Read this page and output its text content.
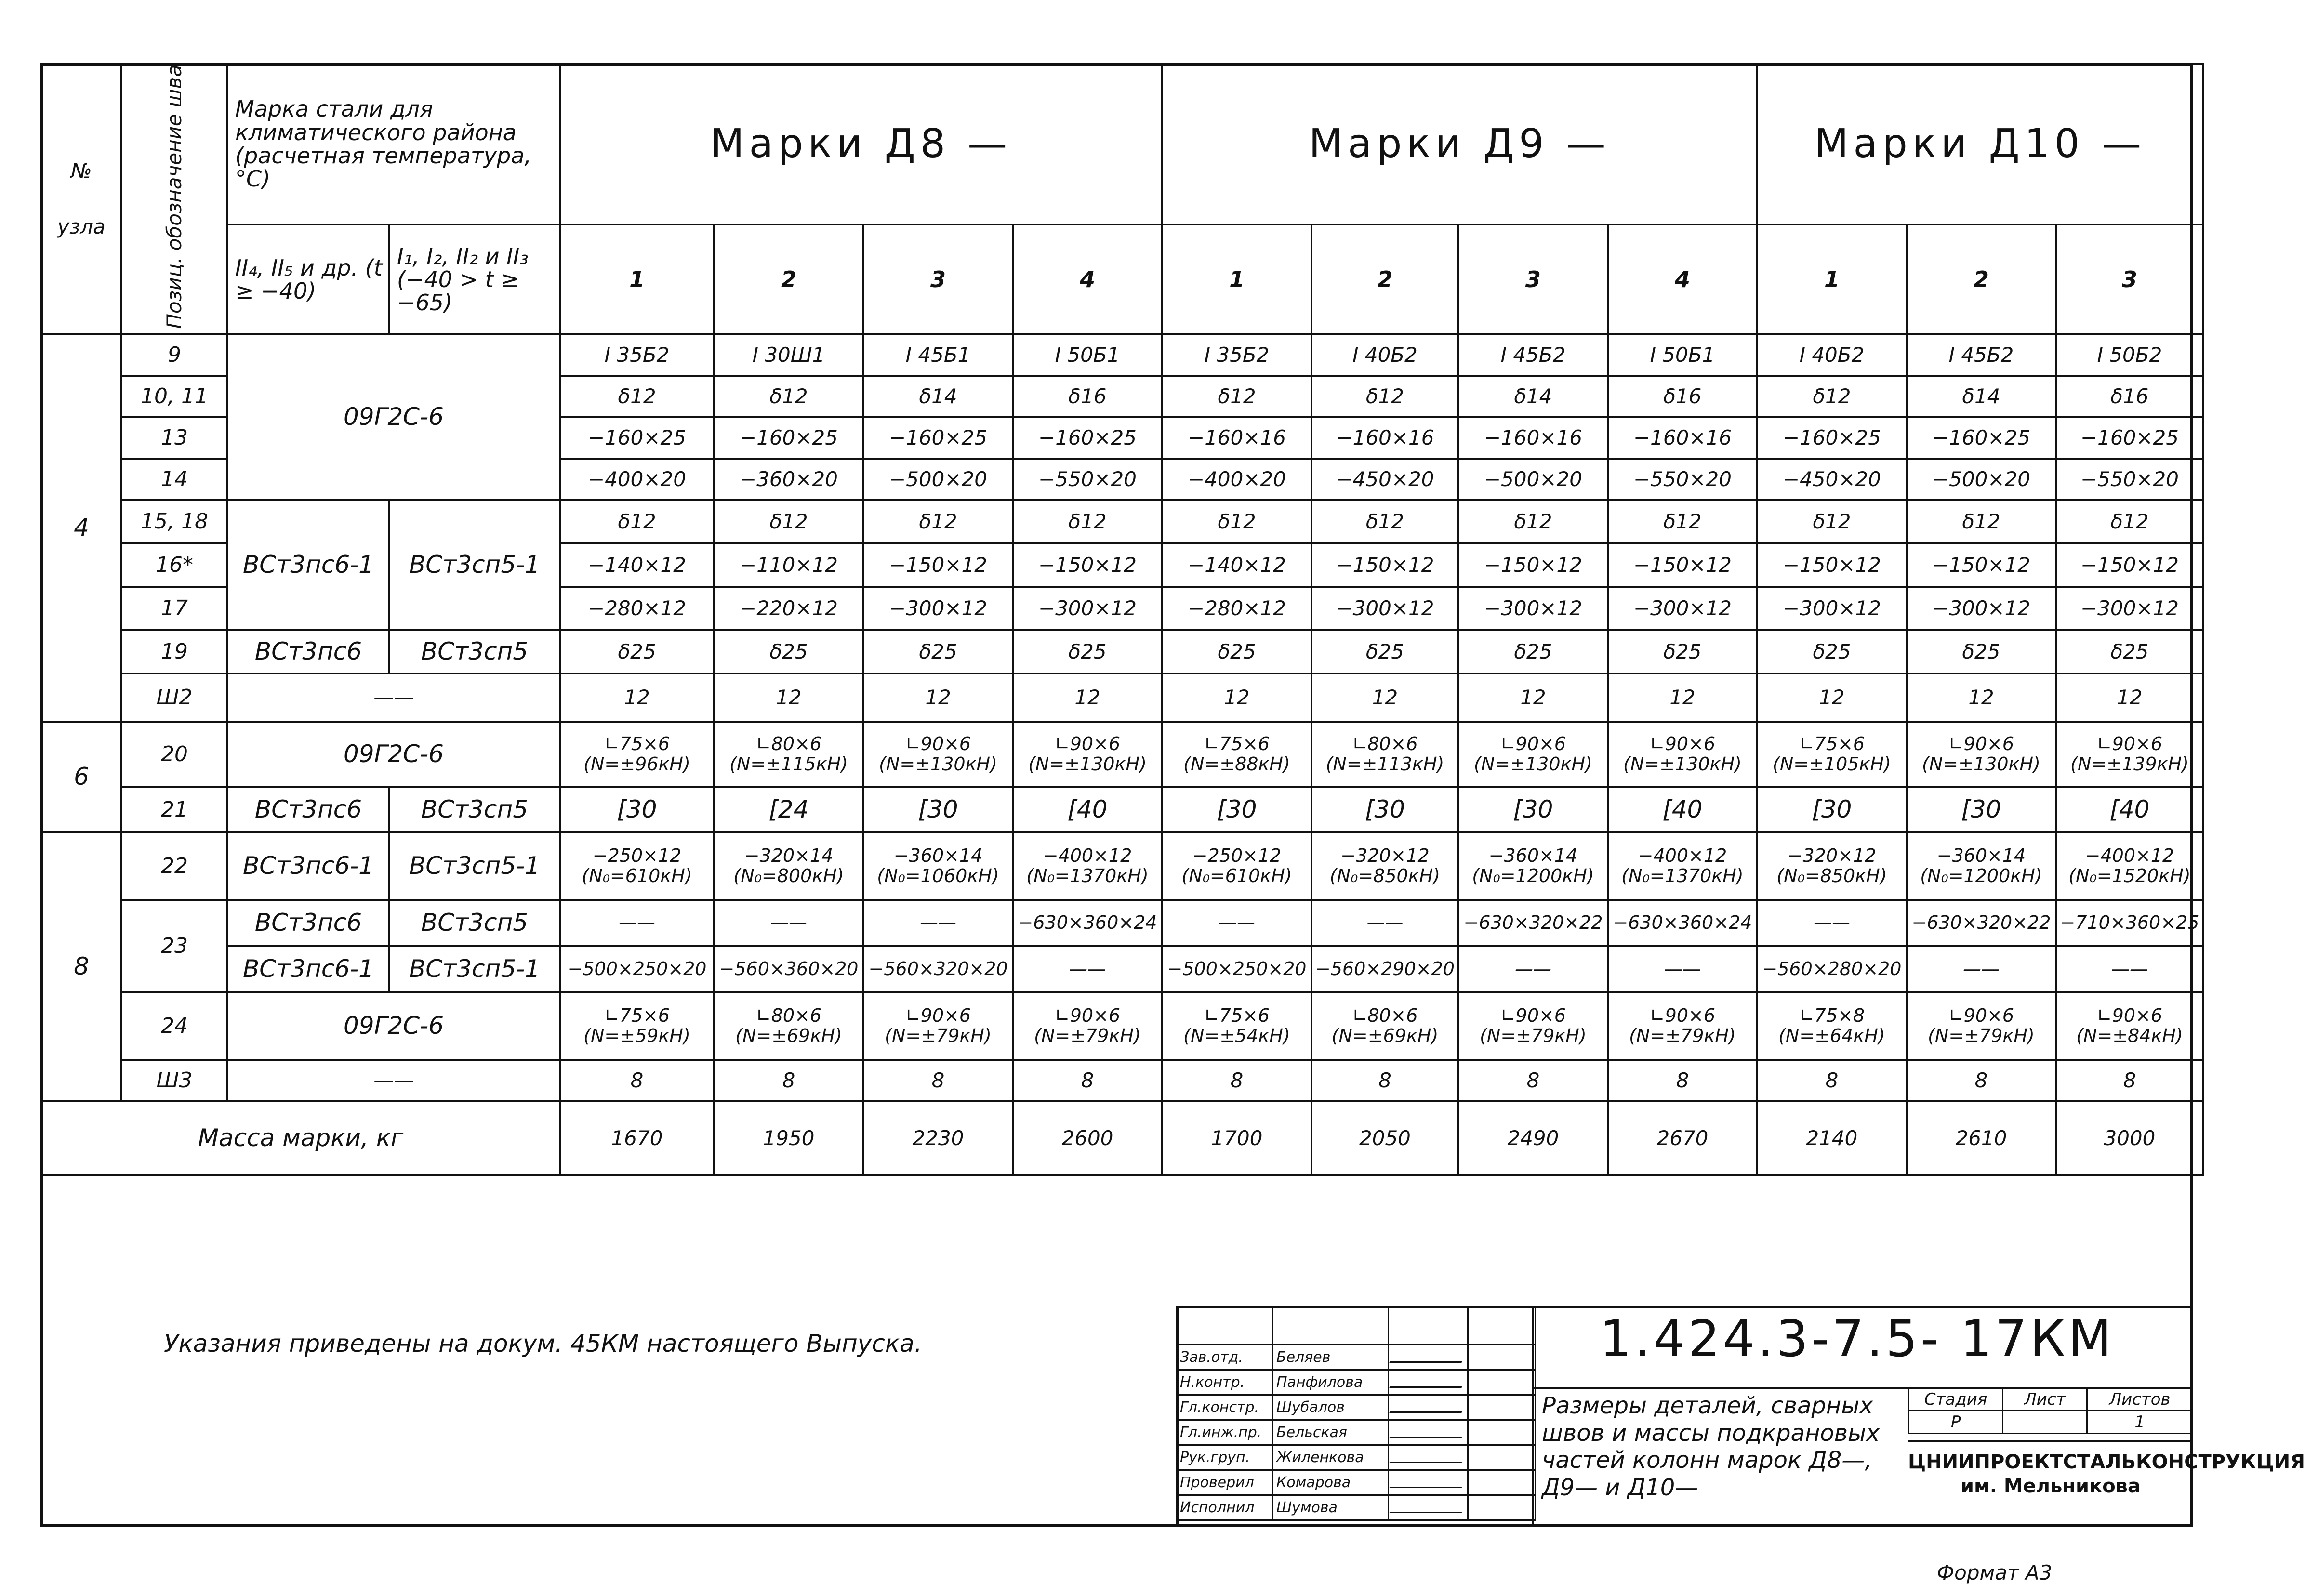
№
узла	Позиц. обозначение шва	Марка стали для климатического района (расчетная температура,°С)		Марки Д8 —				Марки Д9 —				Марки Д10 —		
		II₄, II₅ и др. (t ≥ −40)	I₁, I₂, II₂ и II₃ (−40 > t ≥ −65)	1	2	3	4	1	2	3	4	1	2	3
4	9	09Г2С-6		I 35Б2	I 30Ш1	I 45Б1	I 50Б1	I 35Б2	I 40Б2	I 45Б2	I 50Б1	I 40Б2	I 45Б2	I 50Б2
	10, 11			δ12	δ12	δ14	δ16	δ12	δ12	δ14	δ16	δ12	δ14	δ16
	13			−160×25	−160×25	−160×25	−160×25	−160×16	−160×16	−160×16	−160×16	−160×25	−160×25	−160×25
	14			−400×20	−360×20	−500×20	−550×20	−400×20	−450×20	−500×20	−550×20	−450×20	−500×20	−550×20
	15, 18	ВСт3пс6-1	ВСт3сп5-1	δ12	δ12	δ12	δ12	δ12	δ12	δ12	δ12	δ12	δ12	δ12
	16*			−140×12	−110×12	−150×12	−150×12	−140×12	−150×12	−150×12	−150×12	−150×12	−150×12	−150×12
	17			−280×12	−220×12	−300×12	−300×12	−280×12	−300×12	−300×12	−300×12	−300×12	−300×12	−300×12
	19	ВСт3пс6	ВСт3сп5	δ25	δ25	δ25	δ25	δ25	δ25	δ25	δ25	δ25	δ25	δ25
	Ш2	——		12	12	12	12	12	12	12	12	12	12	12
6	20	09Г2С-6		∟75×6 (N=±96кН)	∟80×6 (N=±115кН)	∟90×6 (N=±130кН)	∟90×6 (N=±130кН)	∟75×6 (N=±88кН)	∟80×6 (N=±113кН)	∟90×6 (N=±130кН)	∟90×6 (N=±130кН)	∟75×6 (N=±105кН)	∟90×6 (N=±130кН)	∟90×6 (N=±139кН)
	21	ВСт3пс6	ВСт3сп5	[30	[24	[30	[40	[30	[30	[30	[40	[30	[30	[40
8	22	ВСт3пс6-1	ВСт3сп5-1	−250×12 (N₀=610кН)	−320×14 (N₀=800кН)	−360×14 (N₀=1060кН)	−400×12 (N₀=1370кН)	−250×12 (N₀=610кН)	−320×12 (N₀=850кН)	−360×14 (N₀=1200кН)	−400×12 (N₀=1370кН)	−320×12 (N₀=850кН)	−360×14 (N₀=1200кН)	−400×12 (N₀=1520кН)
	23	ВСт3пс6	ВСт3сп5	——	——	——	−630×360×24	——	——	−630×320×22	−630×360×24	——	−630×320×22	−710×360×25
		ВСт3пс6-1	ВСт3сп5-1	−500×250×20	−560×360×20	−560×320×20	——	−500×250×20	−560×290×20	——	——	−560×280×20	——	——
	24	09Г2С-6		∟75×6 (N=±59кН)	∟80×6 (N=±69кН)	∟90×6 (N=±79кН)	∟90×6 (N=±79кН)	∟75×6 (N=±54кН)	∟80×6 (N=±69кН)	∟90×6 (N=±79кН)	∟90×6 (N=±79кН)	∟75×8 (N=±64кН)	∟90×6 (N=±79кН)	∟90×6 (N=±84кН)
	Ш3	——		8	8	8	8	8	8	8	8	8	8	8
Масса марки, кг				1670	1950	2230	2600	1700	2050	2490	2670	2140	2610	3000
Указания приведены на докум. 45КМ настоящего Выпуска.
				Зав.отд.	Беляев		
Н.контр.	Панфилова		
Гл.констр.	Шубалов		
Гл.инж.пр.	Бельская		
Рук.груп.	Жиленкова		
Проверил	Комарова		
Исполнил	Шумова		
1.424.3-7.5- 17КМ
Размеры деталей, сварных швов и массы подкрановых частей колонн марок Д8—, Д9— и Д10—
Стадия	Лист	Листов
Р		1
ЦНИИПРОЕКТСТАЛЬКОНСТРУКЦИЯ им. Мельникова
Формат А3
